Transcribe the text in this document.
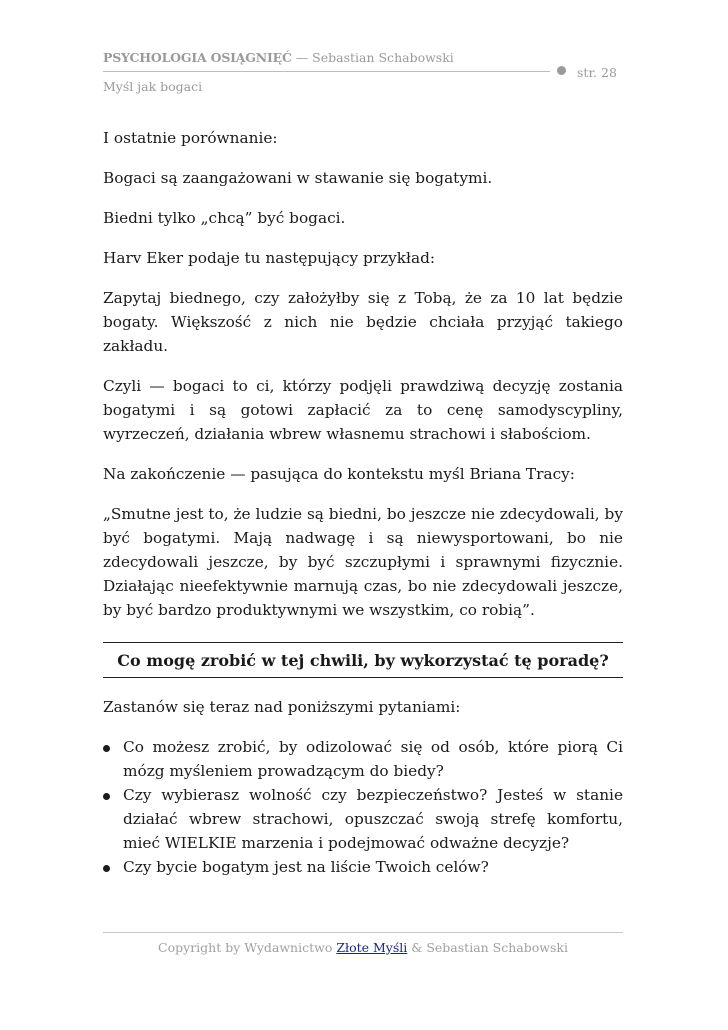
PSYCHOLOGIA OSIĄGNIĘĆ — Sebastian Schabowski
str. 28
Myśl jak bogaci

I ostatnie porównanie:

Bogaci są zaangażowani w stawanie się bogatymi.

Biedni tylko „chcą” być bogaci.

Harv Eker podaje tu następujący przykład:

Zapytaj biednego, czy założyłby się z Tobą, że za 10 lat będzie bogaty. Większość z nich nie będzie chciała przyjąć takiego zakładu.

Czyli — bogaci to ci, którzy podjęli prawdziwą decyzję zostania bogatymi i są gotowi zapłacić za to cenę samodyscypliny, wyrzeczeń, działania wbrew własnemu strachowi i słabościom.

Na zakończenie — pasująca do kontekstu myśl Briana Tracy:

„Smutne jest to, że ludzie są biedni, bo jeszcze nie zdecydowali, by być bogatymi. Mają nadwagę i są niewysportowani, bo nie zdecydowali jeszcze, by być szczupłymi i sprawnymi fizycznie. Działając nieefektywnie marnują czas, bo nie zdecydowali jeszcze, by być bardzo produktywnymi we wszystkim, co robią”.

Co mogę zrobić w tej chwili, by wykorzystać tę poradę?

Zastanów się teraz nad poniższymi pytaniami:

Co możesz zrobić, by odizolować się od osób, które piorą Ci mózg myśleniem prowadzącym do biedy?
Czy wybierasz wolność czy bezpieczeństwo? Jesteś w stanie działać wbrew strachowi, opuszczać swoją strefę komfortu, mieć WIELKIE marzenia i podejmować odważne decyzje?
Czy bycie bogatym jest na liście Twoich celów?
Copyright by Wydawnictwo Złote Myśli & Sebastian Schabowski
